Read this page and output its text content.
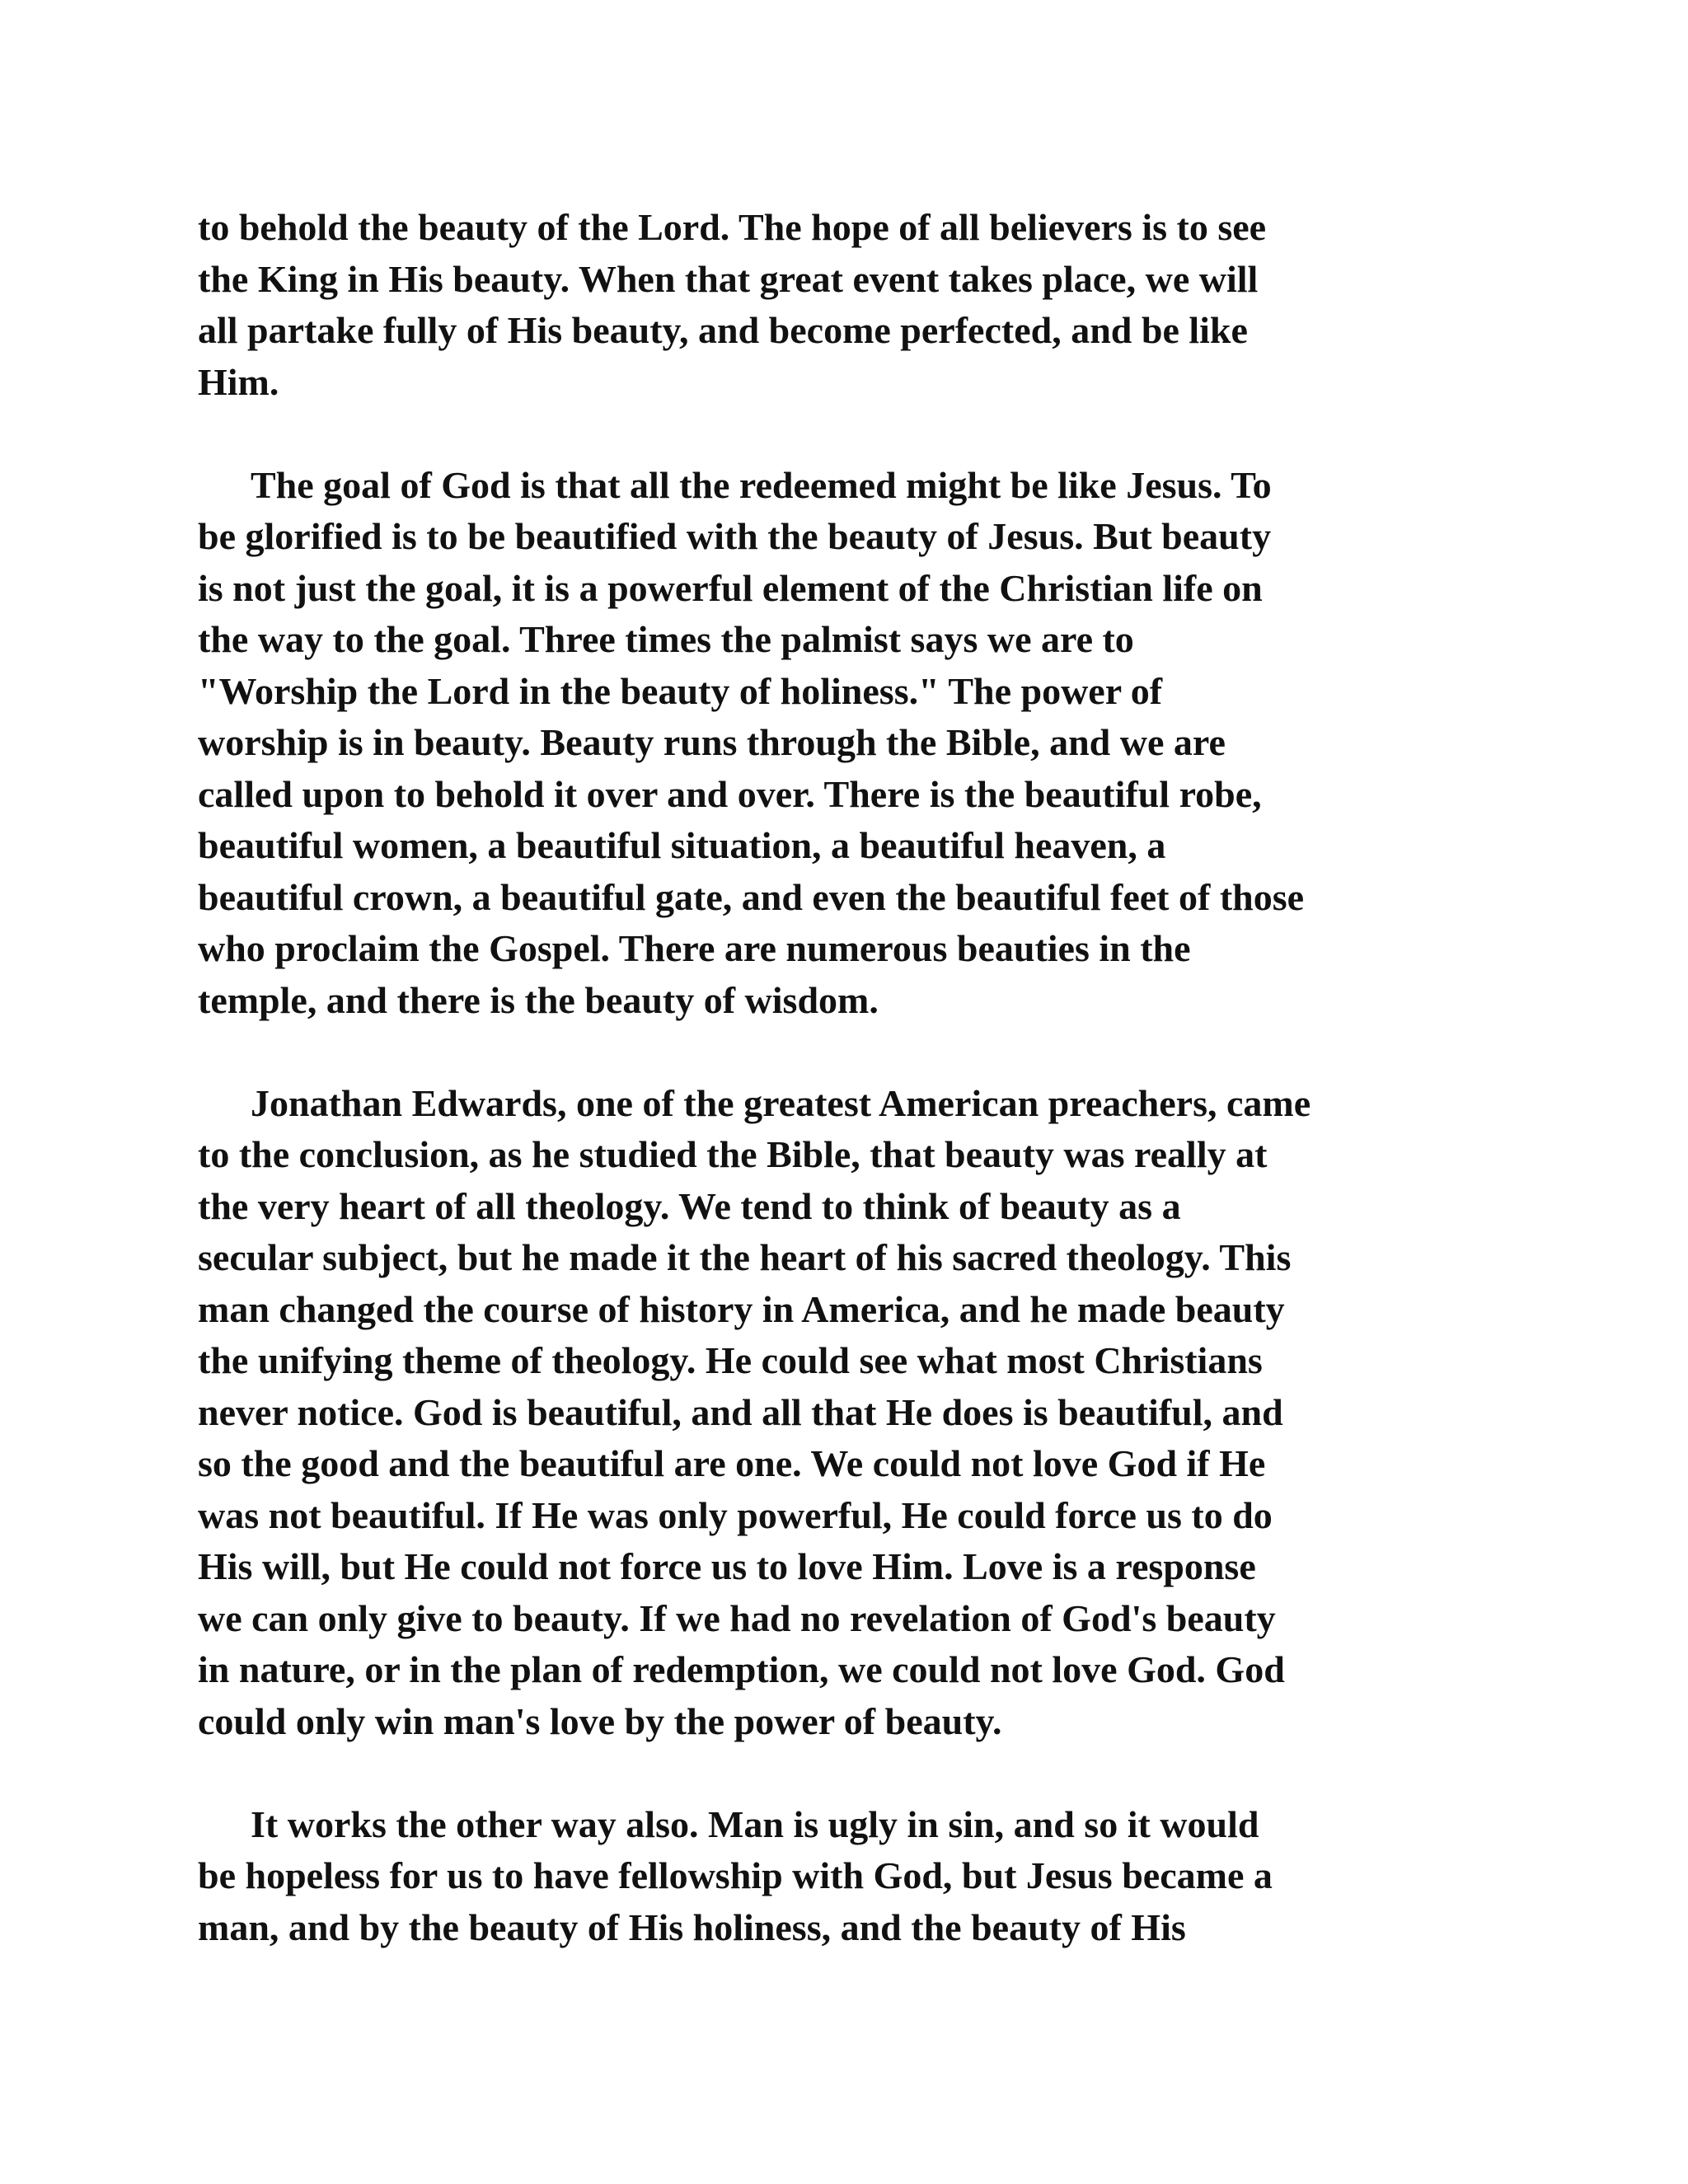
to behold the beauty of the Lord. The hope of all believers is to see
the King in His beauty. When that great event takes place, we will
all partake fully of His beauty, and become perfected, and be like
Him.
The goal of God is that all the redeemed might be like Jesus. To
be glorified is to be beautified with the beauty of Jesus. But beauty
is not just the goal, it is a powerful element of the Christian life on
the way to the goal. Three times the palmist says we are to
"Worship the Lord in the beauty of holiness." The power of
worship is in beauty. Beauty runs through the Bible, and we are
called upon to behold it over and over. There is the beautiful robe,
beautiful women, a beautiful situation, a beautiful heaven, a
beautiful crown, a beautiful gate, and even the beautiful feet of those
who proclaim the Gospel. There are numerous beauties in the
temple, and there is the beauty of wisdom.
Jonathan Edwards, one of the greatest American preachers, came
to the conclusion, as he studied the Bible, that beauty was really at
the very heart of all theology. We tend to think of beauty as a
secular subject, but he made it the heart of his sacred theology. This
man changed the course of history in America, and he made beauty
the unifying theme of theology. He could see what most Christians
never notice. God is beautiful, and all that He does is beautiful, and
so the good and the beautiful are one. We could not love God if He
was not beautiful. If He was only powerful, He could force us to do
His will, but He could not force us to love Him. Love is a response
we can only give to beauty. If we had no revelation of God's beauty
in nature, or in the plan of redemption, we could not love God. God
could only win man's love by the power of beauty.
It works the other way also. Man is ugly in sin, and so it would
be hopeless for us to have fellowship with God, but Jesus became a
man, and by the beauty of His holiness, and the beauty of His
